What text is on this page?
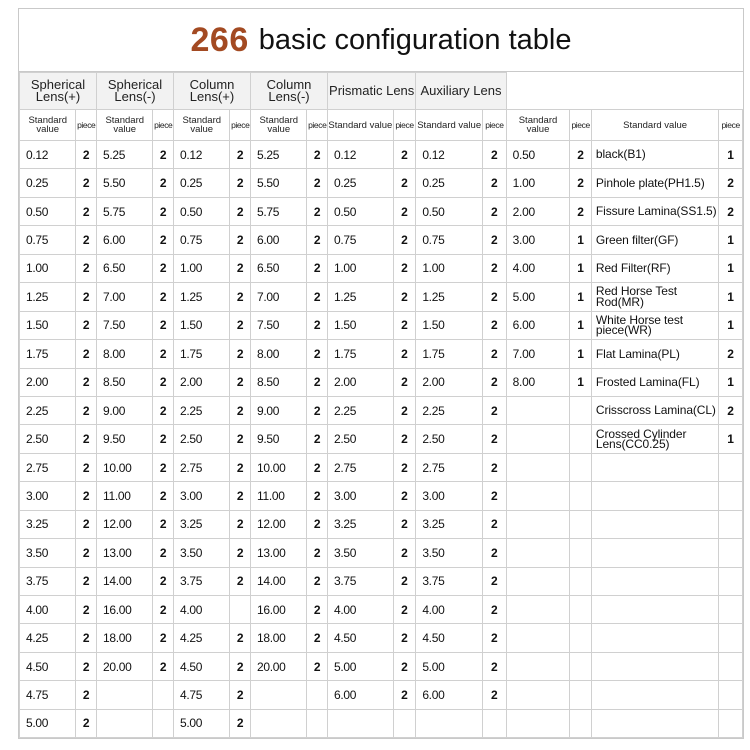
266 basic configuration table
Spherical Lens(+)		Spherical Lens(-)		Column Lens(+)		Column Lens(-)		Prismatic Lens		Auxiliary Lens					
Standard value	piece	Standard value	piece	Standard value	piece	Standard value	piece	Standard value	piece	Standard value	piece	Standard value	piece	Standard value	piece
0.12	2	5.25	2	0.12	2	5.25	2	0.12	2	0.12	2	0.50	2	black(B1)	1
0.25	2	5.50	2	0.25	2	5.50	2	0.25	2	0.25	2	1.00	2	Pinhole plate(PH1.5)	2
0.50	2	5.75	2	0.50	2	5.75	2	0.50	2	0.50	2	2.00	2	Fissure Lamina(SS1.5)	2
0.75	2	6.00	2	0.75	2	6.00	2	0.75	2	0.75	2	3.00	1	Green filter(GF)	1
1.00	2	6.50	2	1.00	2	6.50	2	1.00	2	1.00	2	4.00	1	Red Filter(RF)	1
1.25	2	7.00	2	1.25	2	7.00	2	1.25	2	1.25	2	5.00	1	Red Horse Test Rod(MR)	1
1.50	2	7.50	2	1.50	2	7.50	2	1.50	2	1.50	2	6.00	1	White Horse test piece(WR)	1
1.75	2	8.00	2	1.75	2	8.00	2	1.75	2	1.75	2	7.00	1	Flat Lamina(PL)	2
2.00	2	8.50	2	2.00	2	8.50	2	2.00	2	2.00	2	8.00	1	Frosted Lamina(FL)	1
2.25	2	9.00	2	2.25	2	9.00	2	2.25	2	2.25	2			Crisscross Lamina(CL)	2
2.50	2	9.50	2	2.50	2	9.50	2	2.50	2	2.50	2			Crossed Cylinder Lens(CC0.25)	1
2.75	2	10.00	2	2.75	2	10.00	2	2.75	2	2.75	2				
3.00	2	11.00	2	3.00	2	11.00	2	3.00	2	3.00	2				
3.25	2	12.00	2	3.25	2	12.00	2	3.25	2	3.25	2				
3.50	2	13.00	2	3.50	2	13.00	2	3.50	2	3.50	2				
3.75	2	14.00	2	3.75	2	14.00	2	3.75	2	3.75	2				
4.00	2	16.00	2	4.00		16.00	2	4.00	2	4.00	2				
4.25	2	18.00	2	4.25	2	18.00	2	4.50	2	4.50	2				
4.50	2	20.00	2	4.50	2	20.00	2	5.00	2	5.00	2				
4.75	2			4.75	2			6.00	2	6.00	2				
5.00	2			5.00	2										
